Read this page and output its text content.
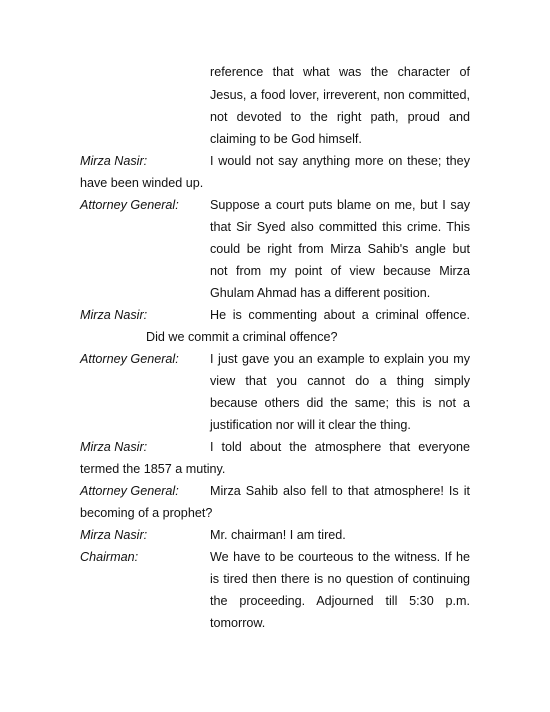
reference that what was the character of
Jesus, a food lover, irreverent, non committed,
not devoted to the right path, proud and
claiming to be God himself.
Mirza Nasir:	I would not say anything more on these; they
have been winded up.
Attorney General: Suppose a court puts blame on me, but I say
that Sir Syed also committed this crime. This
could be right from Mirza Sahib's angle but
not from my point of view because Mirza
Ghulam Ahmad has a different position.
Mirza Nasir:	He is commenting about a criminal offence.
Did we commit a criminal offence?
Attorney General: I just gave you an example to explain you my
view that you cannot do a thing simply
because others did the same; this is not a
justification nor will it clear the thing.
Mirza Nasir:	I told about the atmosphere that everyone
termed the 1857 a mutiny.
Attorney General: Mirza Sahib also fell to that atmosphere! Is it
becoming of a prophet?
Mirza Nasir:	Mr. chairman! I am tired.
Chairman:	We have to be courteous to the witness. If he
is tired then there is no question of continuing
the proceeding. Adjourned till 5:30 p.m.
tomorrow.
